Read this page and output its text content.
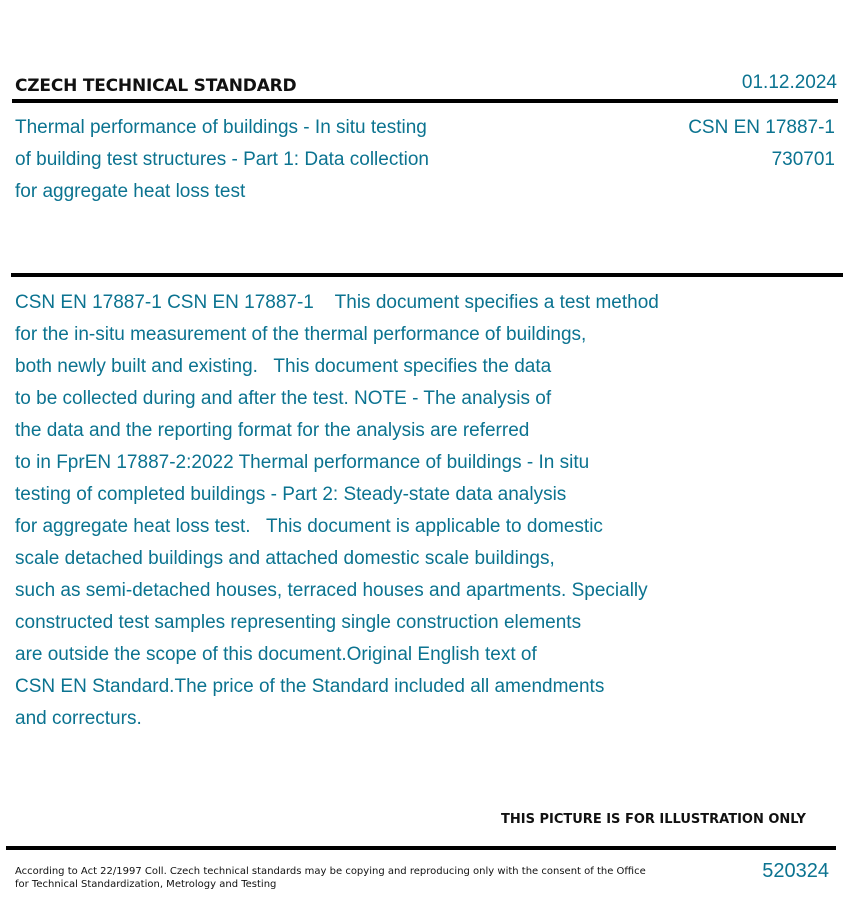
CZECH TECHNICAL STANDARD	01.12.2024
Thermal performance of buildings - In situ testing
of building test structures - Part 1: Data collection
for aggregate heat loss test
CSN EN 17887-1
730701
CSN EN 17887-1 CSN EN 17887-1    This document specifies a test method
for the in-situ measurement of the thermal performance of buildings,
both newly built and existing.   This document specifies the data
to be collected during and after the test. NOTE - The analysis of
the data and the reporting format for the analysis are referred
to in FprEN 17887-2:2022 Thermal performance of buildings - In situ
testing of completed buildings - Part 2: Steady-state data analysis
for aggregate heat loss test.   This document is applicable to domestic
scale detached buildings and attached domestic scale buildings,
such as semi-detached houses, terraced houses and apartments. Specially
constructed test samples representing single construction elements
are outside the scope of this document.Original English text of
CSN EN Standard.The price of the Standard included all amendments
and correcturs.
THIS PICTURE IS FOR ILLUSTRATION ONLY
According to Act 22/1997 Coll. Czech technical standards may be copying and reproducing only with the consent of the Office
for Technical Standardization, Metrology and Testing
520324
